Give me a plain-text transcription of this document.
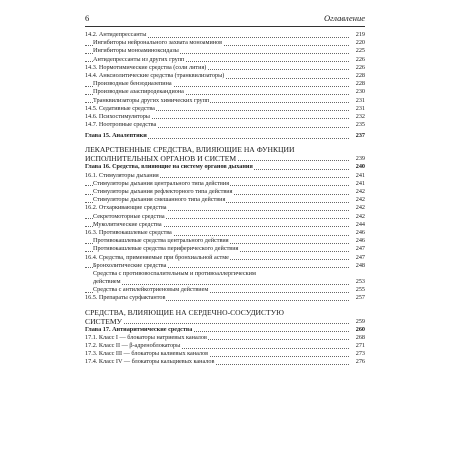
6	Оглавление
14.2. Антидепрессанты	219
Ингибиторы нейронального захвата моноаминов	220
Ингибиторы моноаминоксидазы	225
Антидепрессанты из других групп	226
14.3. Нормотимические средства (соли лития)	226
14.4. Анксиолитические средства (транквилизаторы)	228
Производные бензодиазепина	228
Производные азаспиродекандиона	230
Транквилизаторы других химических групп	231
14.5. Седативные средства	231
14.6. Психостимуляторы	232
14.7. Ноотропные средства	235
Глава 15. Аналептики	237
ЛЕКАРСТВЕННЫЕ СРЕДСТВА, ВЛИЯЮЩИЕ НА ФУНКЦИИ
ИСПОЛНИТЕЛЬНЫХ ОРГАНОВ И СИСТЕМ	239
Глава 16. Средства, влияющие на систему органов дыхания	240
16.1. Стимуляторы дыхания	241
Стимуляторы дыхания центрального типа действия	241
Стимуляторы дыхания рефлекторного типа действия	242
Стимуляторы дыхания смешанного типа действия	242
16.2. Отхаркивающие средства	242
Секретомоторные средства	242
Муколитические средства	244
16.3. Противокашлевые средства	246
Противокашлевые средства центрального действия	246
Противокашлевые средства периферического действия	247
16.4. Средства, применяемые при бронхиальной астме	247
Бронхолитические средства	248
Средства с противовоспалительным и противоаллергическим
действием	253
Средства с антилейкотриеновым действием	255
16.5. Препараты сурфактантов	257
СРЕДСТВА, ВЛИЯЮЩИЕ НА СЕРДЕЧНО-СОСУДИСТУЮ
СИСТЕМУ	259
Глава 17. Антиаритмические средства	260
17.1. Класс I — блокаторы натриевых каналов	268
17.2. Класс II — β-адреноблокаторы	271
17.3. Класс III — блокаторы калиевых каналов	273
17.4. Класс IV — блокаторы кальциевых каналов	276
